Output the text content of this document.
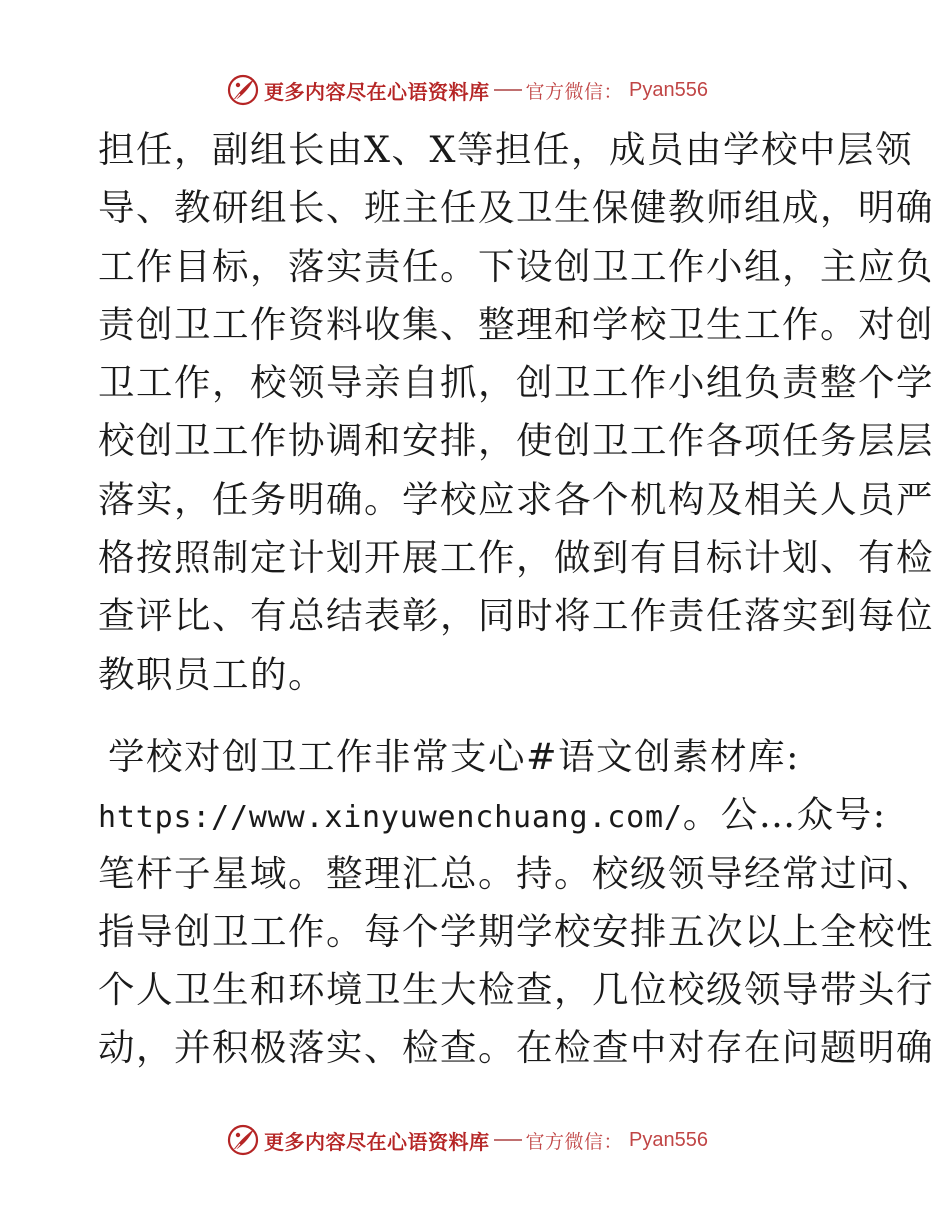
更多内容尽在心语资料库 官方微信： Pyan556
担任，副组长由X、X等担任，成员由学校中层领
导、教研组长、班主任及卫生保健教师组成，明确
工作目标，落实责任。下设创卫工作小组，主应负
责创卫工作资料收集、整理和学校卫生工作。对创
卫工作，校领导亲自抓，创卫工作小组负责整个学
校创卫工作协调和安排，使创卫工作各项任务层层
落实，任务明确。学校应求各个机构及相关人员严
格按照制定计划开展工作，做到有目标计划、有检
查评比、有总结表彰，同时将工作责任落实到每位
教职员工的。
学校对创卫工作非常支心#语文创素材库:
https://www.xinyuwenchuang.com/。公…众号:
笔杆子星域。整理汇总。持。校级领导经常过问、
指导创卫工作。每个学期学校安排五次以上全校性
个人卫生和环境卫生大检查，几位校级领导带头行
动，并积极落实、检查。在检查中对存在问题明确
更多内容尽在心语资料库 官方微信： Pyan556
